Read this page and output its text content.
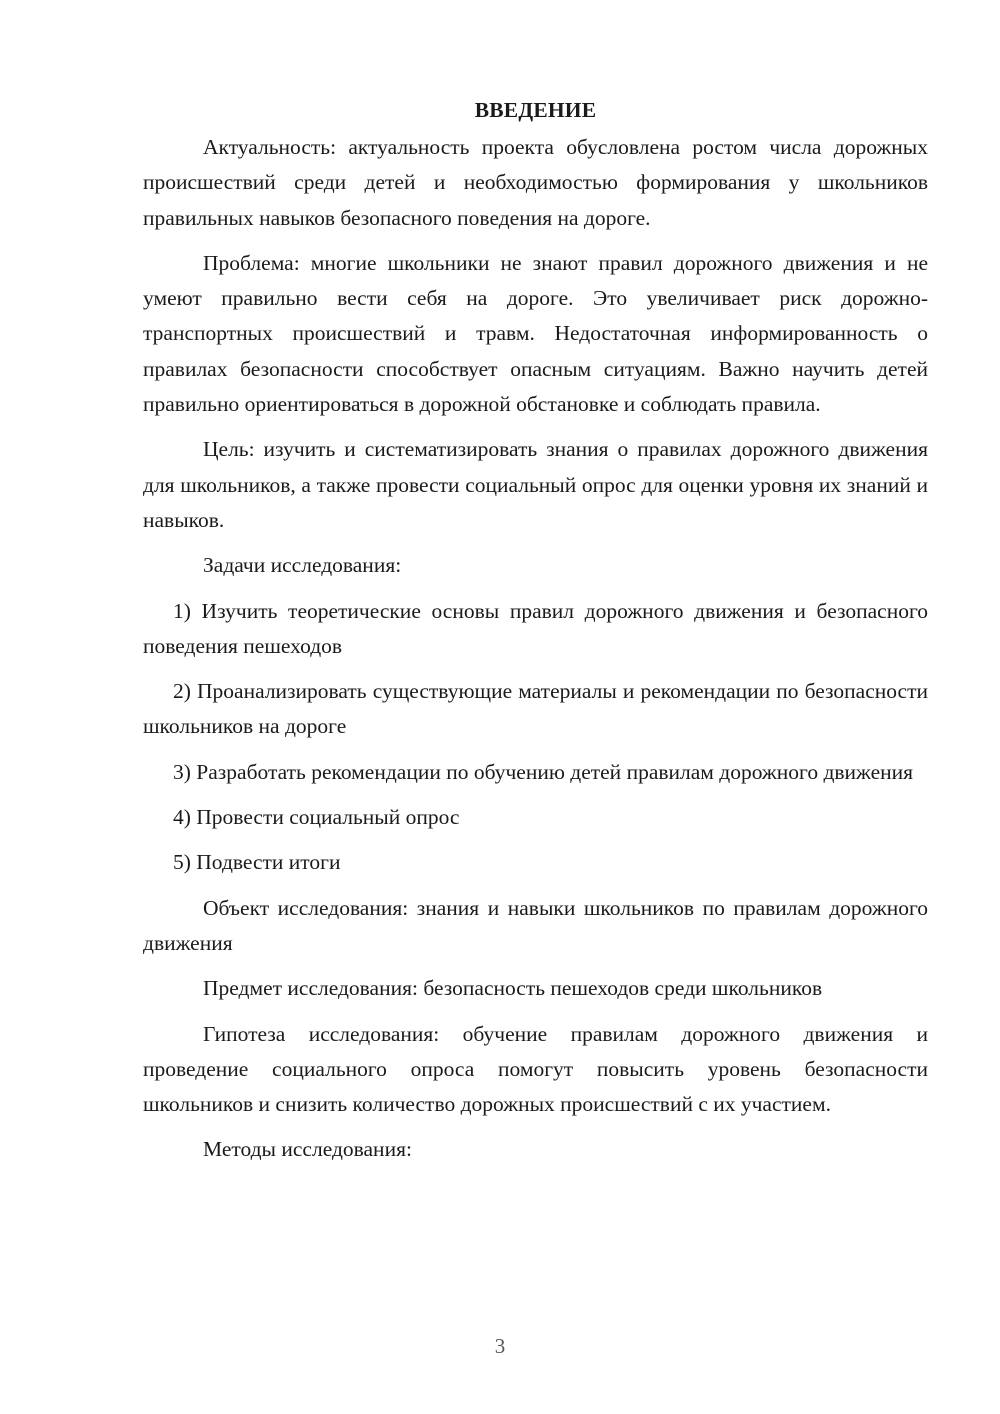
ВВЕДЕНИЕ

Актуальность: актуальность проекта обусловлена ростом числа дорожных происшествий среди детей и необходимостью формирования у школьников правильных навыков безопасного поведения на дороге.

Проблема: многие школьники не знают правил дорожного движения и не умеют правильно вести себя на дороге. Это увеличивает риск дорожно-транспортных происшествий и травм. Недостаточная информированность о правилах безопасности способствует опасным ситуациям. Важно научить детей правильно ориентироваться в дорожной обстановке и соблюдать правила.

Цель: изучить и систематизировать знания о правилах дорожного движения для школьников, а также провести социальный опрос для оценки уровня их знаний и навыков.

Задачи исследования:

1) Изучить теоретические основы правил дорожного движения и безопасного поведения пешеходов
2) Проанализировать существующие материалы и рекомендации по безопасности школьников на дороге
3) Разработать рекомендации по обучению детей правилам дорожного движения
4) Провести социальный опрос
5) Подвести итоги

Объект исследования: знания и навыки школьников по правилам дорожного движения

Предмет исследования: безопасность пешеходов среди школьников

Гипотеза исследования: обучение правилам дорожного движения и проведение социального опроса помогут повысить уровень безопасности школьников и снизить количество дорожных происшествий с их участием.

Методы исследования:

3
